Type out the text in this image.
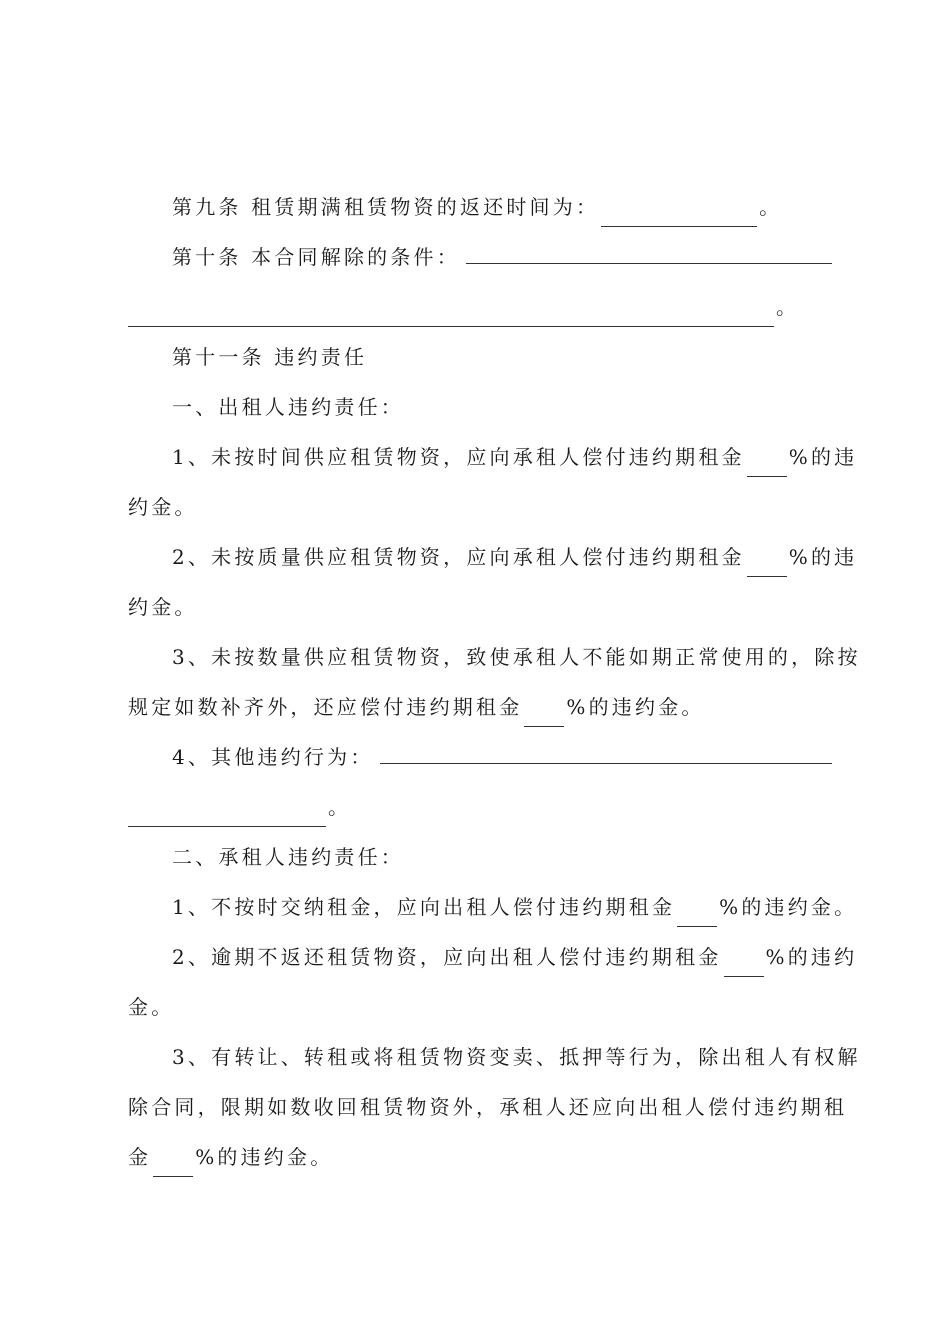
第九条 租赁期满租赁物资的返还时间为：	。
第十条 本合同解除的条件：
。
第十一条 违约责任
一、出租人违约责任：
1、未按时间供应租赁物资，应向承租人偿付违约期租金 %的违
约金。
2、未按质量供应租赁物资，应向承租人偿付违约期租金 %的违
约金。
3、未按数量供应租赁物资，致使承租人不能如期正常使用的，除按
规定如数补齐外，还应偿付违约期租金 %的违约金。
4、其他违约行为：
。
二、承租人违约责任：
1、不按时交纳租金，应向出租人偿付违约期租金 %的违约金。
2、逾期不返还租赁物资，应向出租人偿付违约期租金 %的违约
金。
3、有转让、转租或将租赁物资变卖、抵押等行为，除出租人有权解
除合同，限期如数收回租赁物资外，承租人还应向出租人偿付违约期租
金 %的违约金。
